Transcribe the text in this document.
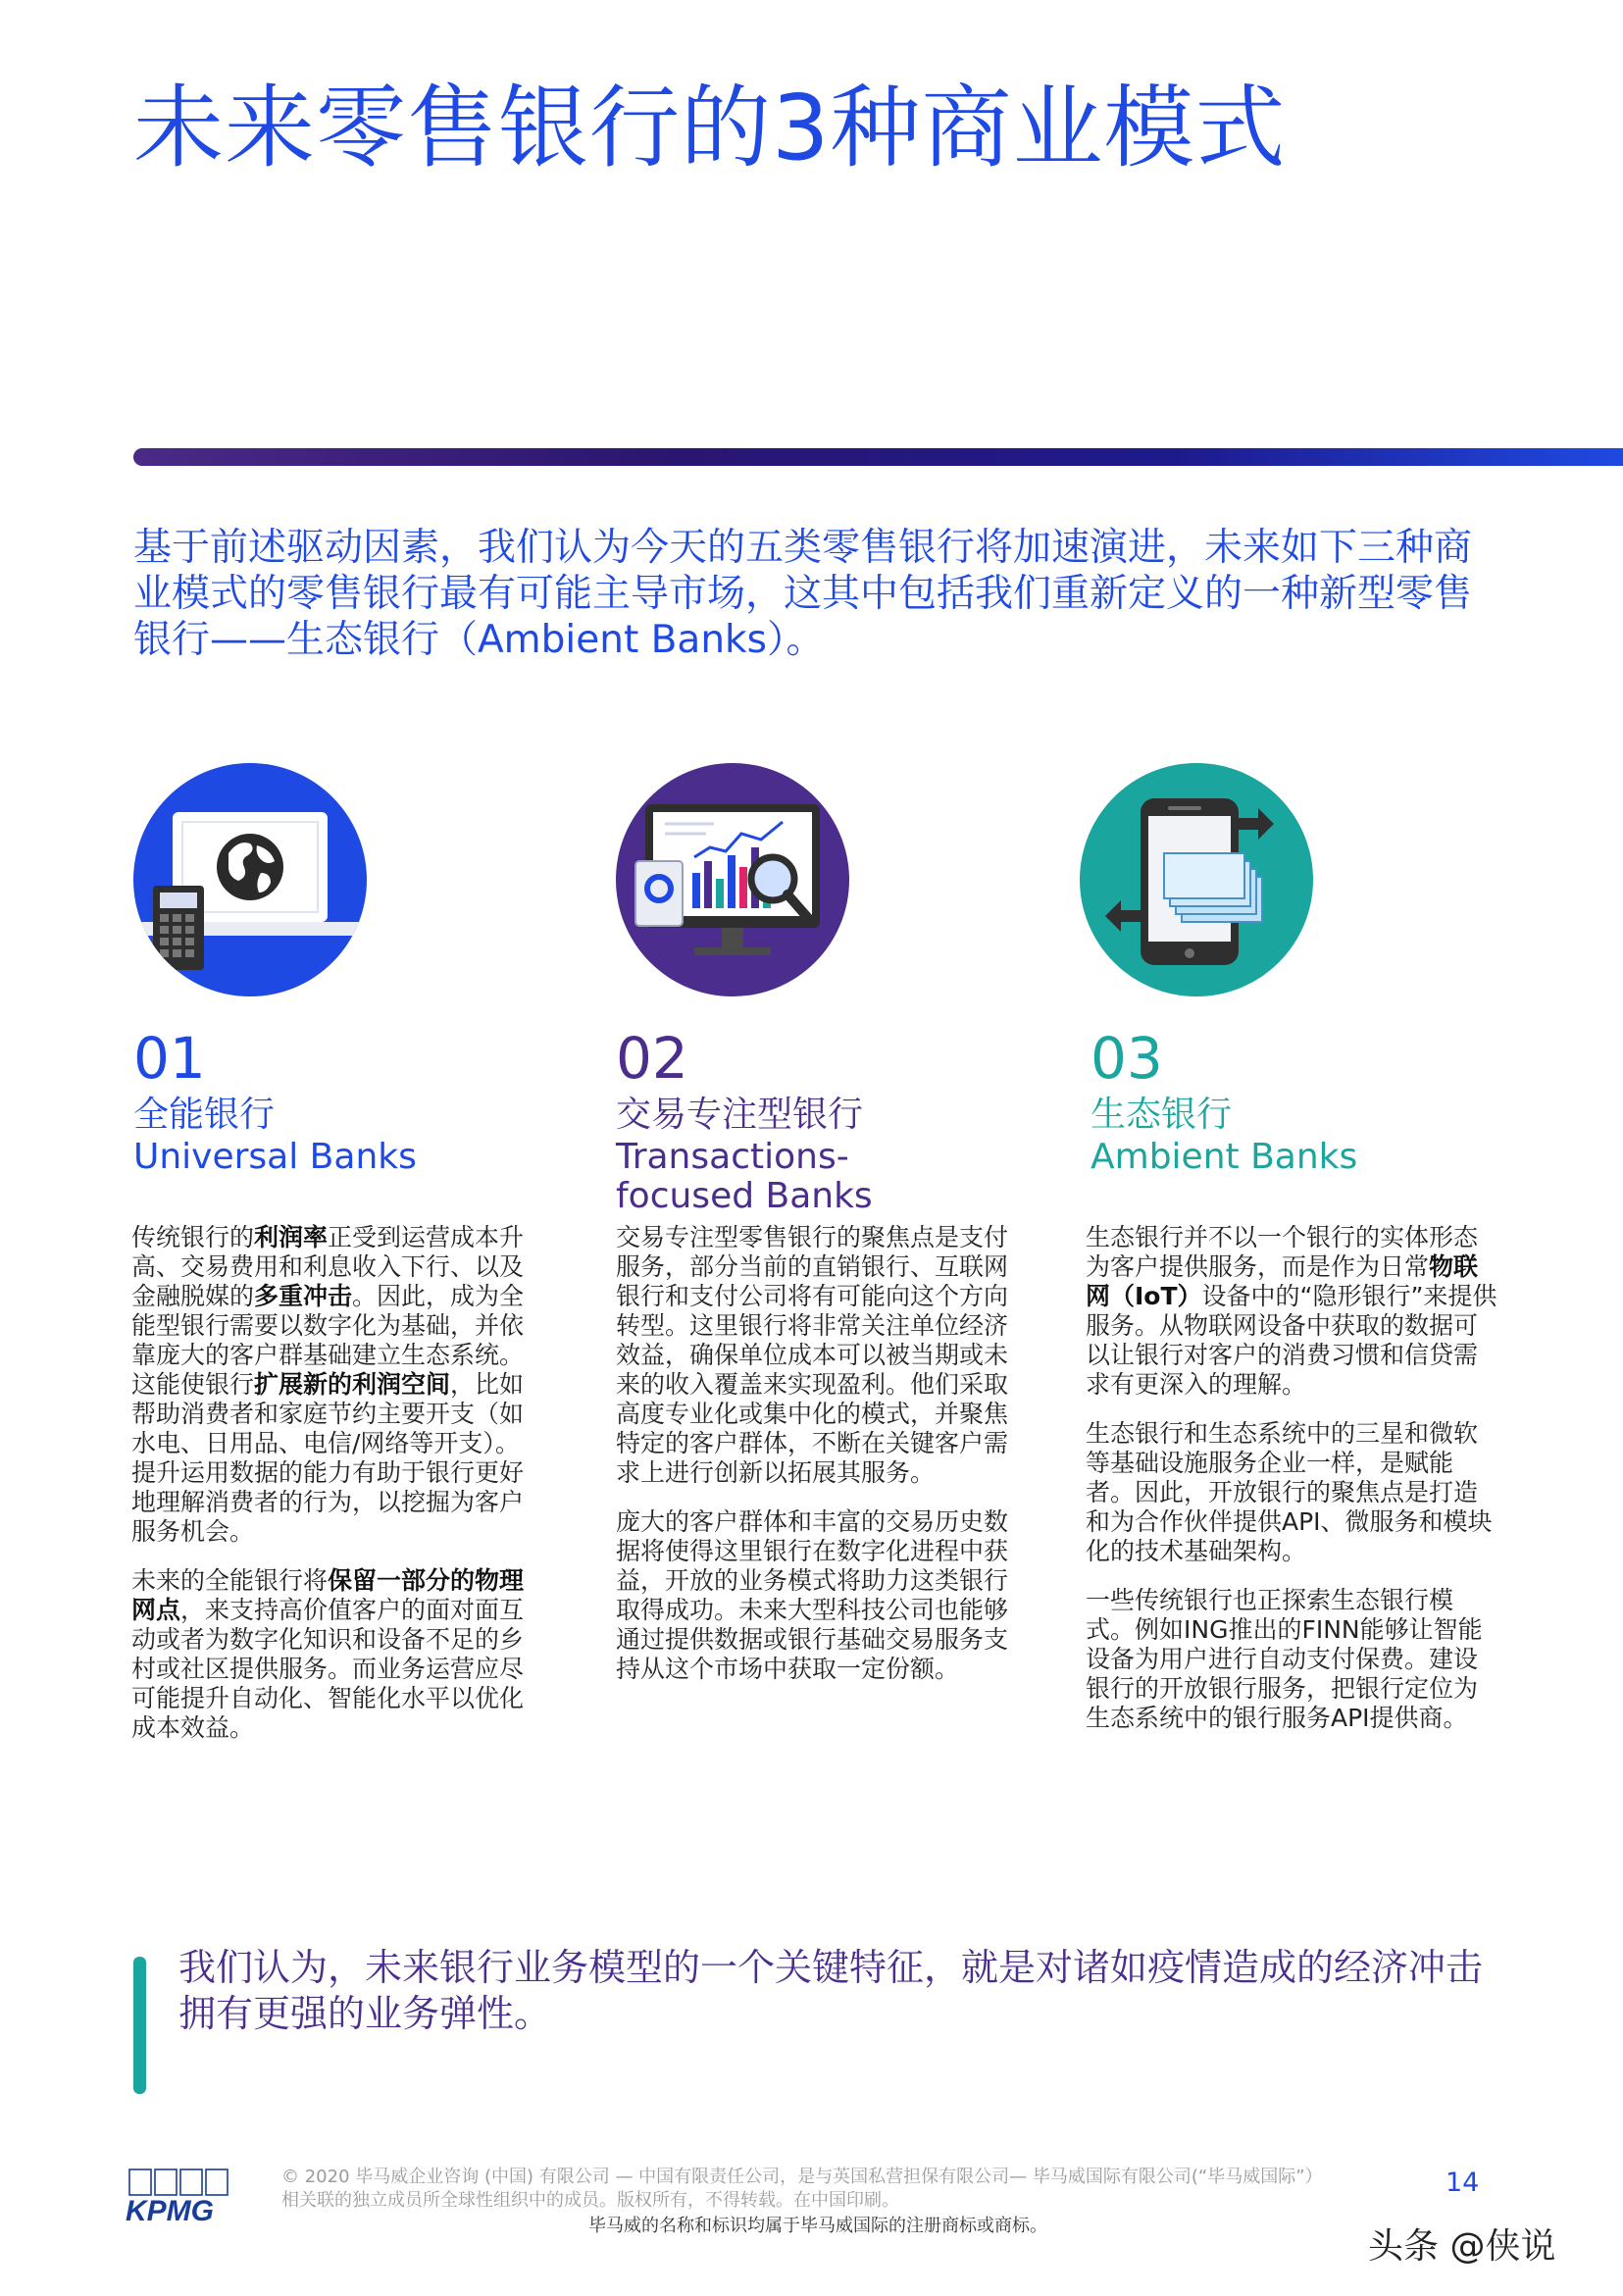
未来零售银行的3种商业模式
基于前述驱动因素，我们认为今天的五类零售银行将加速演进，未来如下三种商业模式的零售银行最有可能主导市场，这其中包括我们重新定义的一种新型零售银行——生态银行（Ambient Banks）。
01
全能银行
Universal Banks

传统银行的利润率正受到运营成本升高、交易费用和利息收入下行、以及金融脱媒的多重冲击。因此，成为全能型银行需要以数字化为基础，并依靠庞大的客户群基础建立生态系统。这能使银行扩展新的利润空间，比如帮助消费者和家庭节约主要开支（如水电、日用品、电信/网络等开支）。提升运用数据的能力有助于银行更好地理解消费者的行为，以挖掘为客户服务机会。

未来的全能银行将保留一部分的物理网点，来支持高价值客户的面对面互动或者为数字化知识和设备不足的乡村或社区提供服务。而业务运营应尽可能提升自动化、智能化水平以优化成本效益。

02
交易专注型银行
Transactions-focused Banks

交易专注型零售银行的聚焦点是支付服务，部分当前的直销银行、互联网银行和支付公司将有可能向这个方向转型。这里银行将非常关注单位经济效益，确保单位成本可以被当期或未来的收入覆盖来实现盈利。他们采取高度专业化或集中化的模式，并聚焦特定的客户群体，不断在关键客户需求上进行创新以拓展其服务。

庞大的客户群体和丰富的交易历史数据将使得这里银行在数字化进程中获益，开放的业务模式将助力这类银行取得成功。未来大型科技公司也能够通过提供数据或银行基础交易服务支持从这个市场中获取一定份额。

03
生态银行
Ambient Banks

生态银行并不以一个银行的实体形态为客户提供服务，而是作为日常物联网（IoT）设备中的“隐形银行”来提供服务。从物联网设备中获取的数据可以让银行对客户的消费习惯和信贷需求有更深入的理解。

生态银行和生态系统中的三星和微软等基础设施服务企业一样，是赋能者。因此，开放银行的聚焦点是打造和为合作伙伴提供API、微服务和模块化的技术基础架构。

一些传统银行也正探索生态银行模式。例如ING推出的FINN能够让智能设备为用户进行自动支付保费。建设银行的开放银行服务，把银行定位为生态系统中的银行服务API提供商。

我们认为，未来银行业务模型的一个关键特征，就是对诸如疫情造成的经济冲击拥有更强的业务弹性。
KPMG
© 2020 毕马威企业咨询 (中国) 有限公司 — 中国有限责任公司，是与英国私营担保有限公司— 毕马威国际有限公司(“毕马威国际”）
相关联的独立成员所全球性组织中的成员。版权所有，不得转载。在中国印刷。
毕马威的名称和标识均属于毕马威国际的注册商标或商标。
14
头条 @侠说
